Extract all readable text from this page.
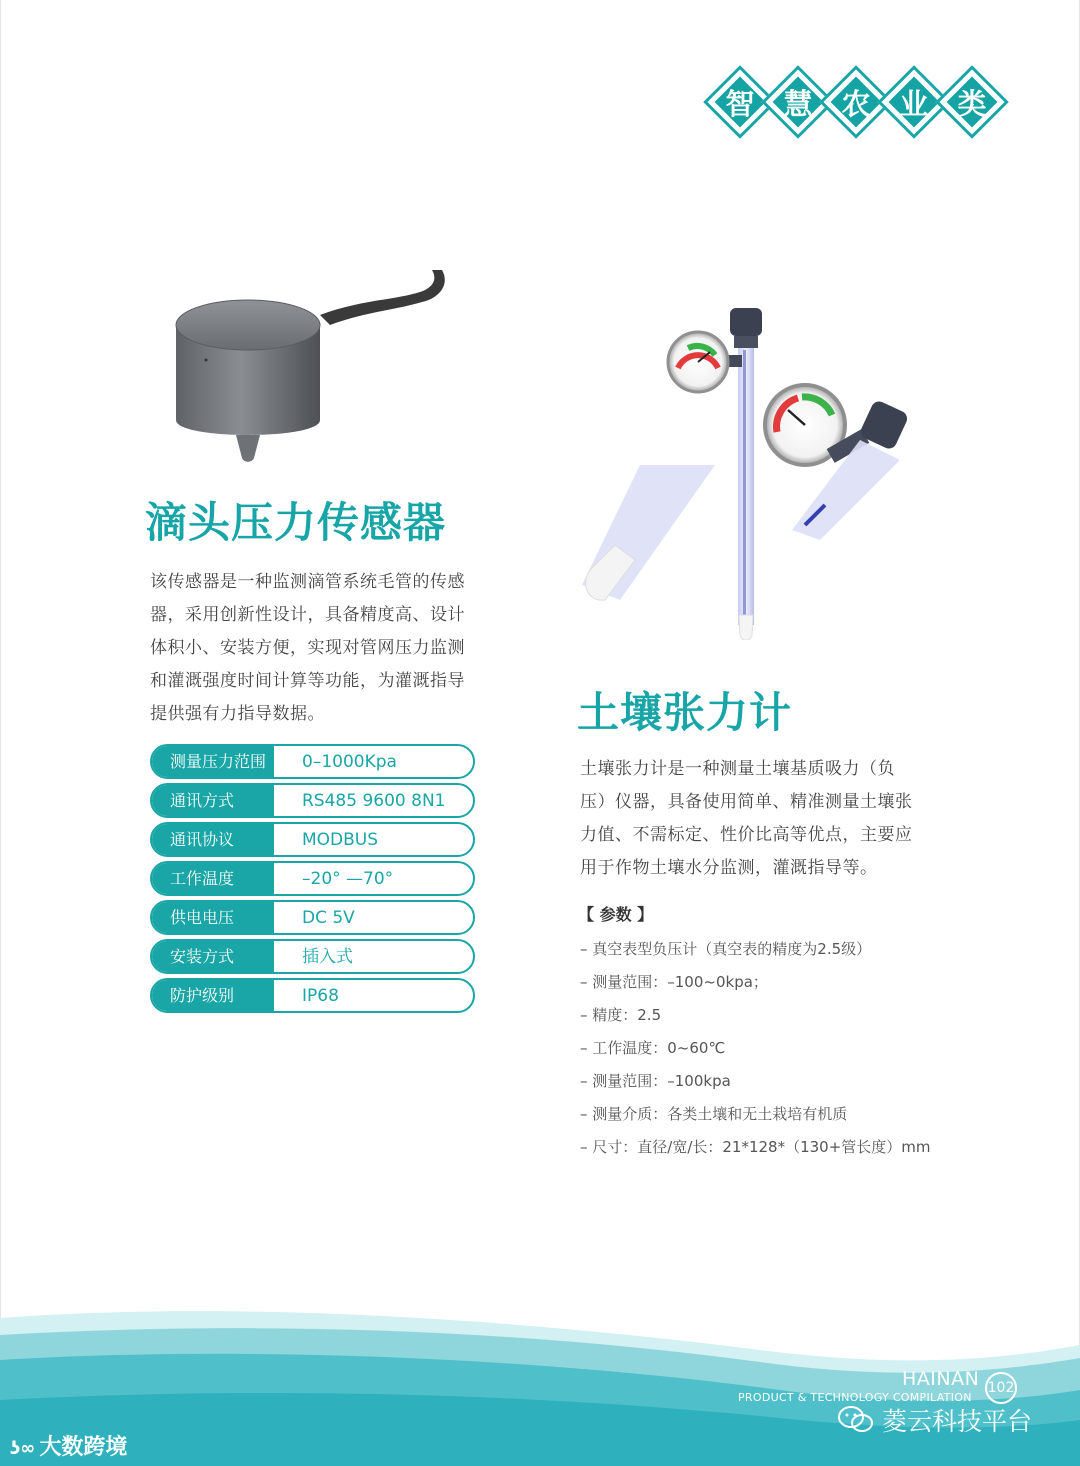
智 慧 农 业 类
滴头压力传感器
该传感器是一种监测滴管系统毛管的传感器，采用创新性设计，具备精度高、设计体积小、安装方便，实现对管网压力监测和灌溉强度时间计算等功能，为灌溉指导提供强有力指导数据。
测量压力范围	0–1000Kpa
通讯方式	RS485 9600 8N1
通讯协议	MODBUS
工作温度	–20° —70°
供电电压	DC 5V
安装方式	插入式
防护级别	IP68
土壤张力计
土壤张力计是一种测量土壤基质吸力（负压）仪器，具备使用简单、精准测量土壤张力值、不需标定、性价比高等优点，主要应用于作物土壤水分监测，灌溉指导等。
【 参数 】
– 真空表型负压计（真空表的精度为2.5级）
– 测量范围：–100~0kpa；
– 精度：2.5
– 工作温度：0~60℃
– 测量范围：–100kpa
– 测量介质：各类土壤和无土栽培有机质
– 尺寸：直径/宽/长：21*128*（130+管长度）mm
HAINAN 102
PRODUCT & TECHNOLOGY COMPILATION
菱云科技平台
ʖ∞ 大数跨境
